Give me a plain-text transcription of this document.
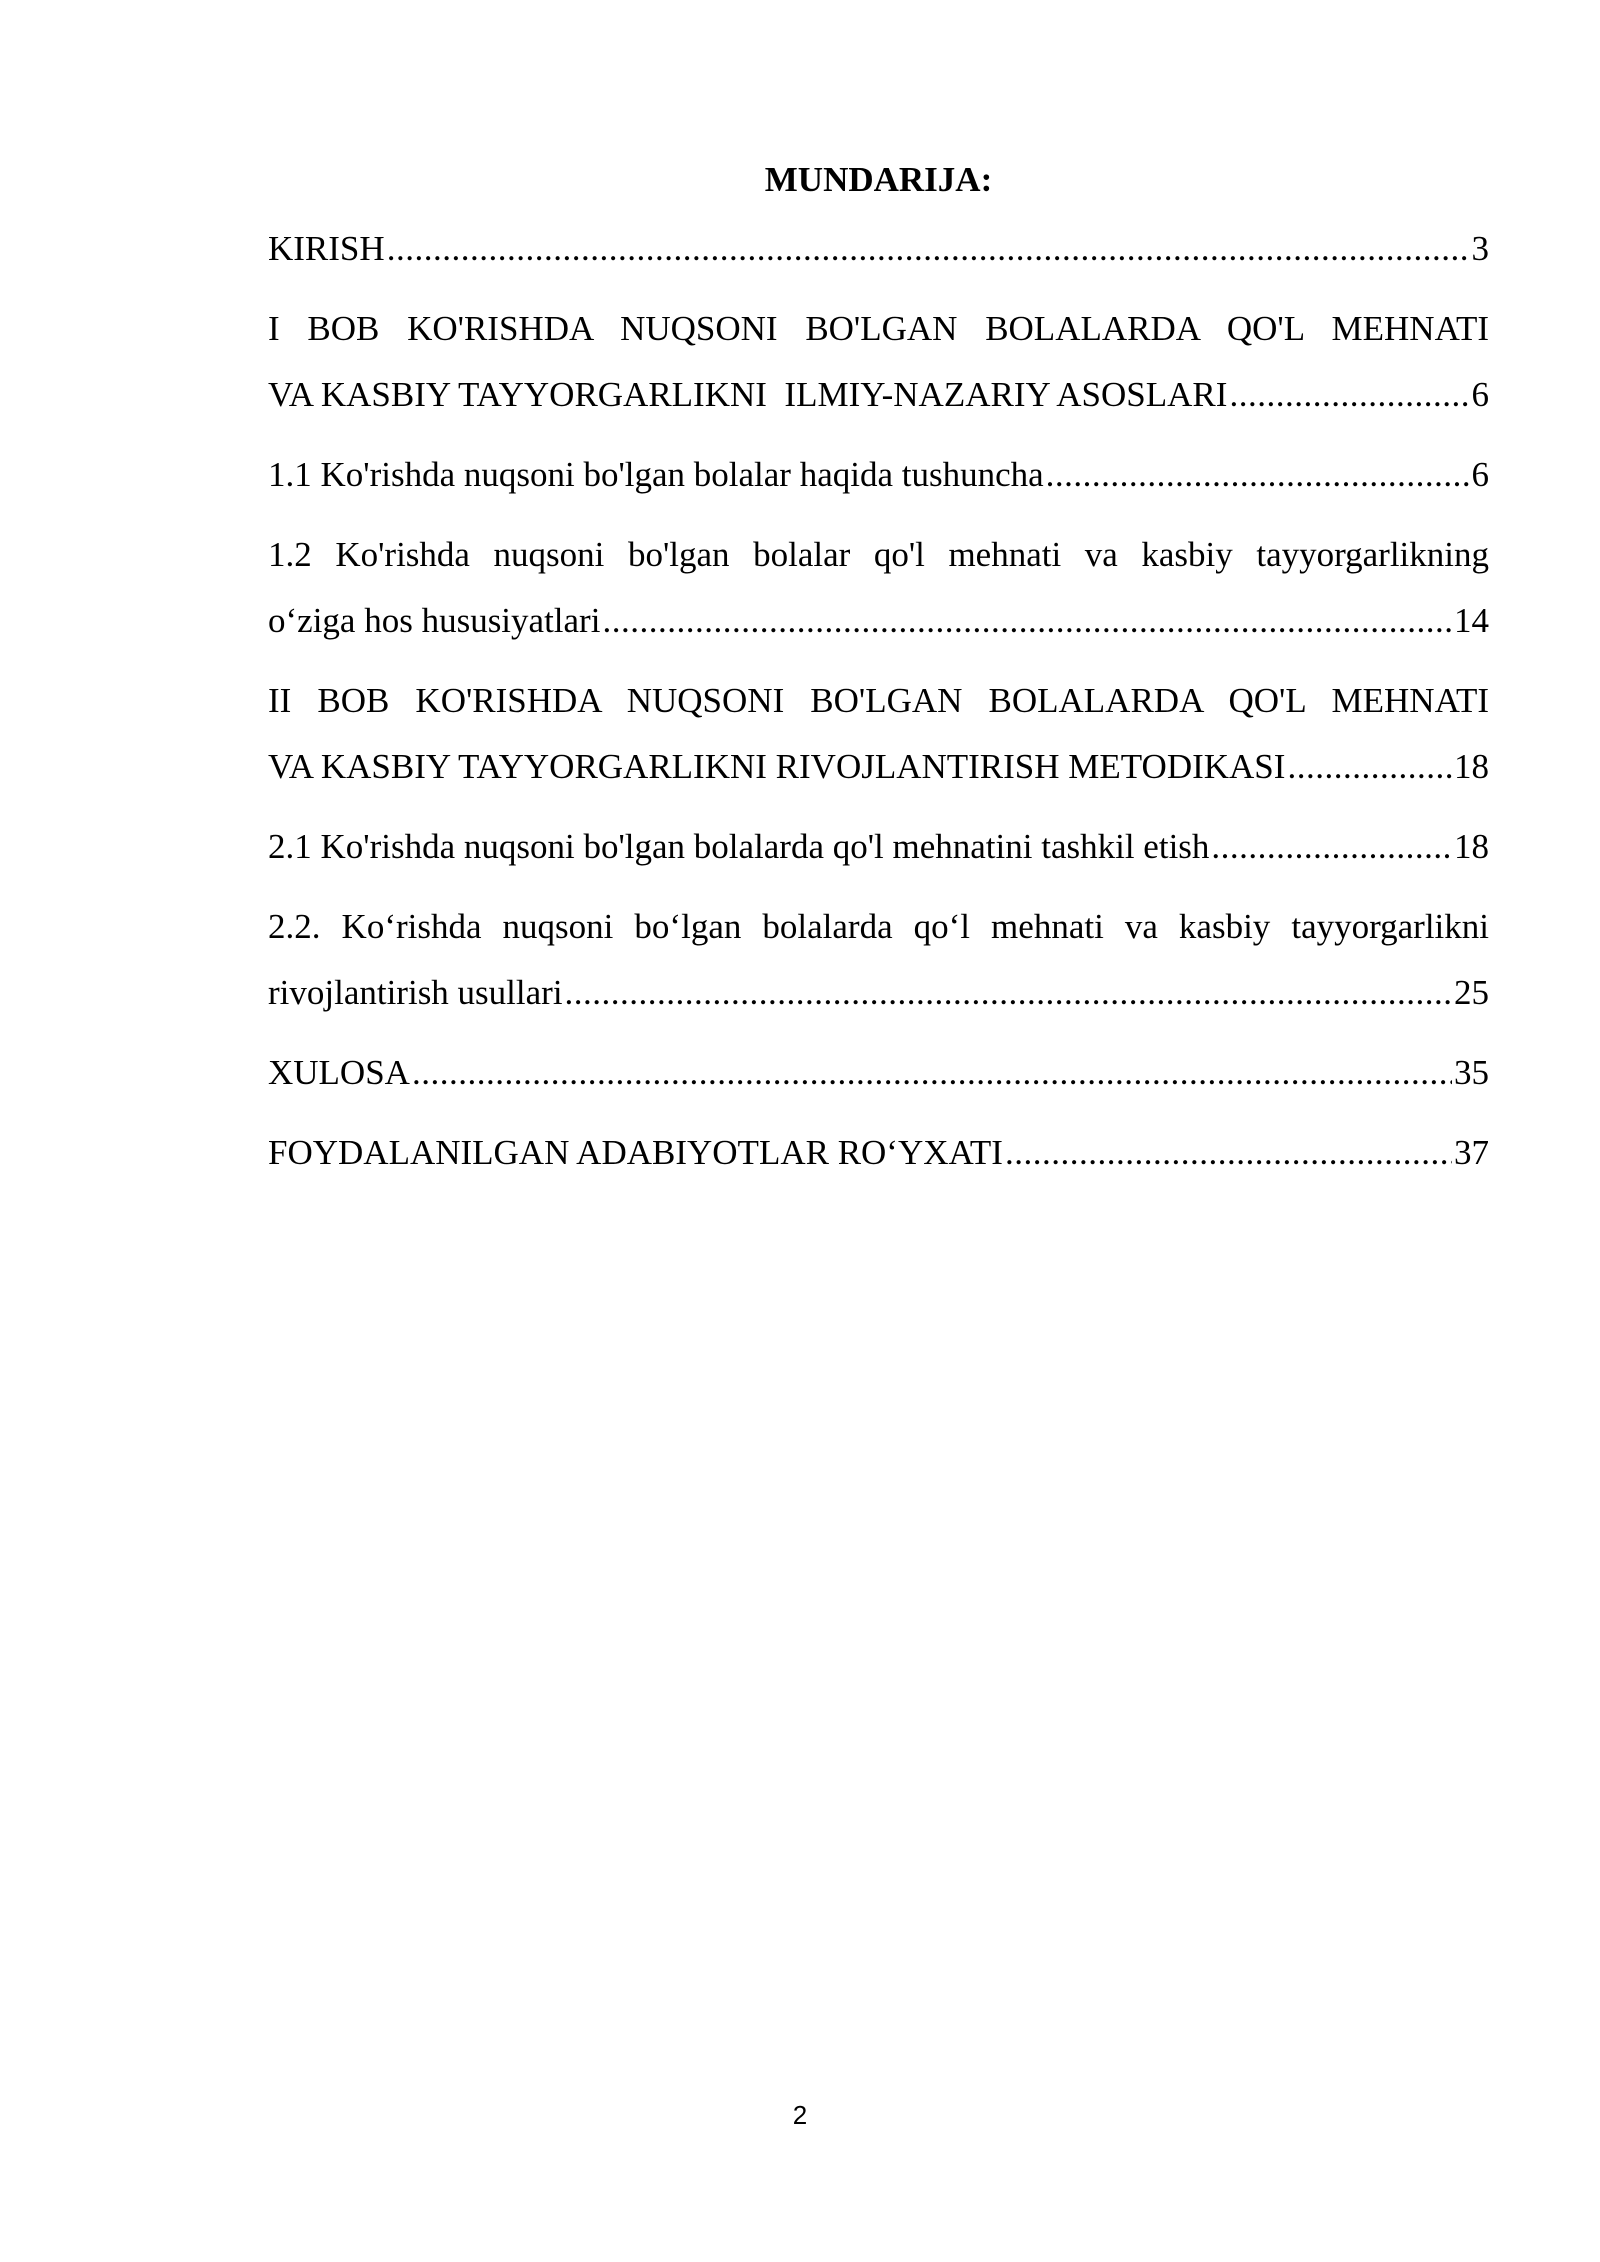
MUNDARIJA:
KIRISH .....	3
I BOB KO'RISHDA NUQSONI BO'LGAN BOLALARDA QO'L MEHNATI
VA KASBIY TAYYORGARLIKNI  ILMIY-NAZARIY ASOSLARI .....	6
1.1 Ko'rishda nuqsoni bo'lgan bolalar haqida tushuncha .....	6
1.2 Ko'rishda nuqsoni bo'lgan bolalar qo'l mehnati va kasbiy tayyorgarlikning
o‘ziga hos hususiyatlari .....	14
II BOB KO'RISHDA NUQSONI BO'LGAN BOLALARDA QO'L MEHNATI
VA KASBIY TAYYORGARLIKNI RIVOJLANTIRISH METODIKASI .....	18
2.1 Ko'rishda nuqsoni bo'lgan bolalarda qo'l mehnatini tashkil etish .....	18
2.2. Ko‘rishda nuqsoni bo‘lgan bolalarda qo‘l mehnati va kasbiy tayyorgarlikni
rivojlantirish usullari .....	25
XULOSA .....	35
FOYDALANILGAN ADABIYOTLAR RO‘YXATI .....	37
2
